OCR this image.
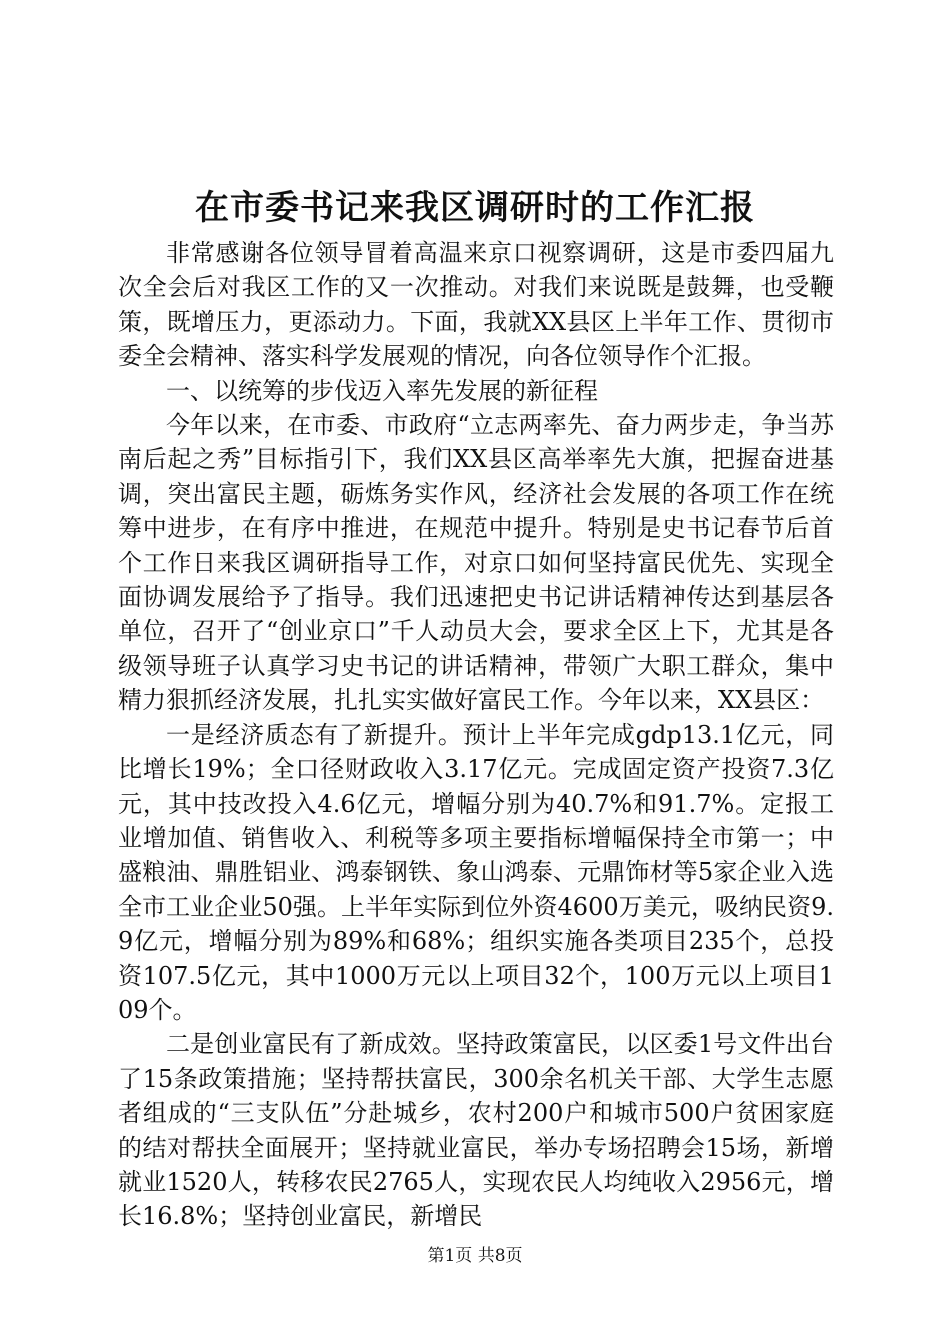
在市委书记来我区调研时的工作汇报

非常感谢各位领导冒着高温来京口视察调研，这是市委四届九次全会后对我区工作的又一次推动。对我们来说既是鼓舞，也受鞭策，既增压力，更添动力。下面，我就XX县区上半年工作、贯彻市委全会精神、落实科学发展观的情况，向各位领导作个汇报。

一、以统筹的步伐迈入率先发展的新征程

今年以来，在市委、市政府“立志两率先、奋力两步走，争当苏南后起之秀”目标指引下，我们XX县区高举率先大旗，把握奋进基调，突出富民主题，砺炼务实作风，经济社会发展的各项工作在统筹中进步，在有序中推进，在规范中提升。特别是史书记春节后首个工作日来我区调研指导工作，对京口如何坚持富民优先、实现全面协调发展给予了指导。我们迅速把史书记讲话精神传达到基层各单位，召开了“创业京口”千人动员大会，要求全区上下，尤其是各级领导班子认真学习史书记的讲话精神，带领广大职工群众，集中精力狠抓经济发展，扎扎实实做好富民工作。今年以来，XX县区：

一是经济质态有了新提升。预计上半年完成gdp13.1亿元，同比增长19%；全口径财政收入3.17亿元。完成固定资产投资7.3亿元，其中技改投入4.6亿元，增幅分别为40.7%和91.7%。定报工业增加值、销售收入、利税等多项主要指标增幅保持全市第一；中盛粮油、鼎胜铝业、鸿泰钢铁、象山鸿泰、元鼎饰材等5家企业入选全市工业企业50强。上半年实际到位外资4600万美元，吸纳民资9.9亿元，增幅分别为89%和68%；组织实施各类项目235个，总投资107.5亿元，其中1000万元以上项目32个，100万元以上项目109个。

二是创业富民有了新成效。坚持政策富民，以区委1号文件出台了15条政策措施；坚持帮扶富民，300余名机关干部、大学生志愿者组成的“三支队伍”分赴城乡，农村200户和城市500户贫困家庭的结对帮扶全面展开；坚持就业富民，举办专场招聘会15场，新增就业1520人，转移农民2765人，实现农民人均纯收入2956元，增长16.8%；坚持创业富民，新增民

第1页 共8页
